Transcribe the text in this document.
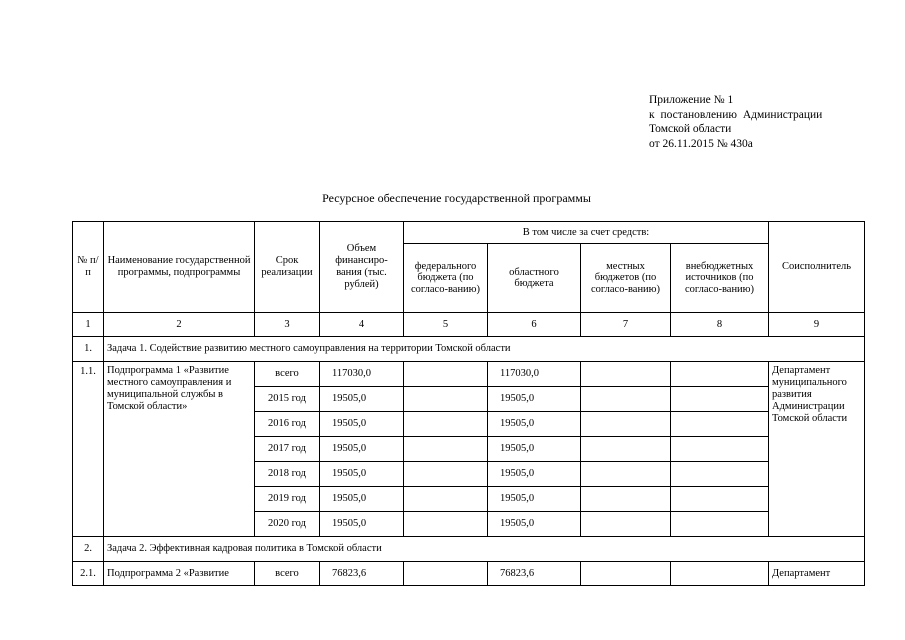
Приложение № 1
к постановлению Администрации
Томской области
от 26.11.2015 № 430а
Ресурсное обеспечение государственной программы
№ п/п	Наименование государственной программы, подпрограммы	Срок реализации	Объем финансиро-вания (тыс. рублей)	В том числе за счет средств:				Соисполнитель
				федерального бюджета (по согласо-ванию)	областного бюджета	местных бюджетов (по согласо-ванию)	внебюджетных источников (по согласо-ванию)	
1	2	3	4	5	6	7	8	9
1.	Задача 1. Содействие развитию местного самоуправления на территории Томской области							
1.1.	Подпрограмма 1 «Развитие местного самоуправления и муниципальной службы в Томской области»	всего	117030,0		117030,0			Департамент муниципального развития Администрации Томской области
		2015 год	19505,0		19505,0			
		2016 год	19505,0		19505,0			
		2017 год	19505,0		19505,0			
		2018 год	19505,0		19505,0			
		2019 год	19505,0		19505,0			
		2020 год	19505,0		19505,0			
2.	Задача 2. Эффективная кадровая политика в Томской области							
2.1.	Подпрограмма 2 «Развитие	всего	76823,6		76823,6			Департамент
